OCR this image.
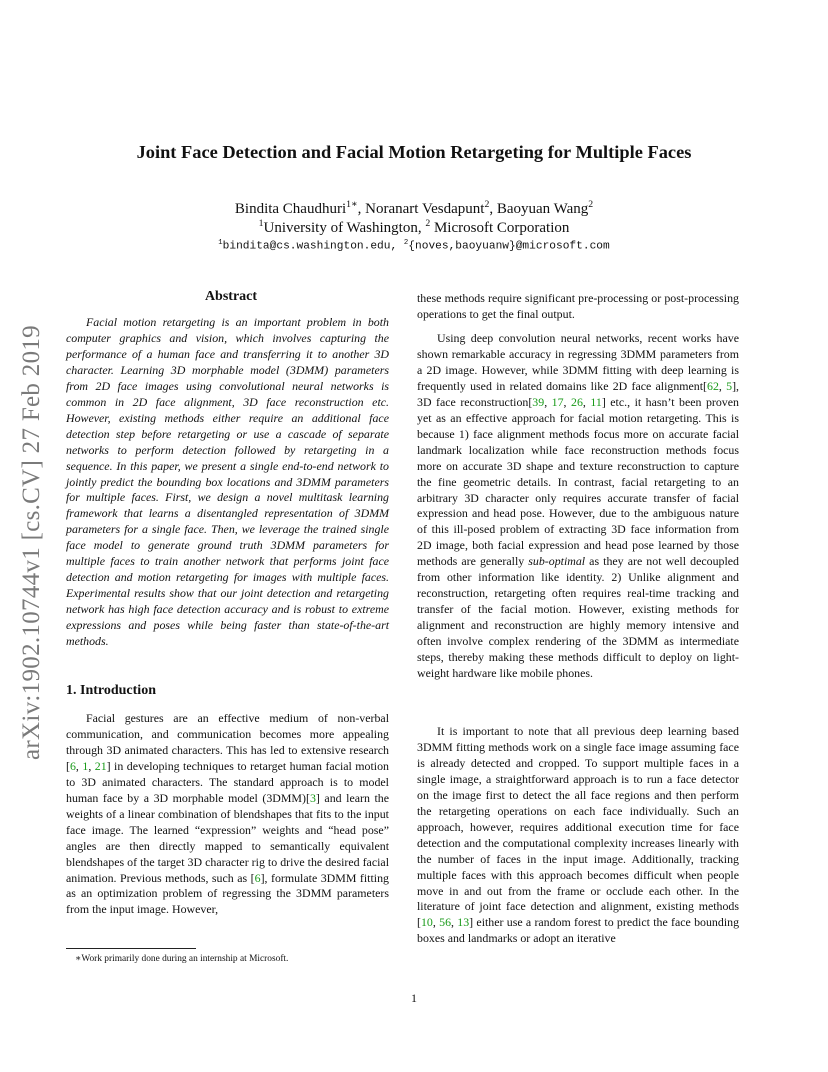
arXiv:1902.10744v1 [cs.CV] 27 Feb 2019
Joint Face Detection and Facial Motion Retargeting for Multiple Faces
Bindita Chaudhuri$^{1∗}$, Noranart Vesdapunt$^2$, Baoyuan Wang$^2$
$^1$University of Washington, $^2$ Microsoft Corporation
$^1$bindita@cs.washington.edu, $^2${noves,baoyuanw}@microsoft.com
Abstract

Facial motion retargeting is an important problem in both computer graphics and vision, which involves capturing the performance of a human face and transferring it to another 3D character. Learning 3D morphable model (3DMM) parameters from 2D face images using convolutional neural networks is common in 2D face alignment, 3D face reconstruction etc. However, existing methods either require an additional face detection step before retargeting or use a cascade of separate networks to perform detection followed by retargeting in a sequence. In this paper, we present a single end-to-end network to jointly predict the bounding box locations and 3DMM parameters for multiple faces. First, we design a novel multitask learning framework that learns a disentangled representation of 3DMM parameters for a single face. Then, we leverage the trained single face model to generate ground truth 3DMM parameters for multiple faces to train another network that performs joint face detection and motion retargeting for images with multiple faces. Experimental results show that our joint detection and retargeting network has high face detection accuracy and is robust to extreme expressions and poses while being faster than state-of-the-art methods.

1. Introduction

Facial gestures are an effective medium of non-verbal communication, and communication becomes more appealing through 3D animated characters. This has led to extensive research [6, 1, 21] in developing techniques to retarget human facial motion to 3D animated characters. The standard approach is to model human face by a 3D morphable model (3DMM)[3] and learn the weights of a linear combination of blendshapes that fits to the input face image. The learned “expression” weights and “head pose” angles are then directly mapped to semantically equivalent blendshapes of the target 3D character rig to drive the desired facial animation. Previous methods, such as [6], formulate 3DMM fitting as an optimization problem of regressing the 3DMM parameters from the input image. However,

∗Work primarily done during an internship at Microsoft.

these methods require significant pre-processing or post-processing operations to get the final output.

Using deep convolution neural networks, recent works have shown remarkable accuracy in regressing 3DMM parameters from a 2D image. However, while 3DMM fitting with deep learning is frequently used in related domains like 2D face alignment[62, 5], 3D face reconstruction[39, 17, 26, 11] etc., it hasn’t been proven yet as an effective approach for facial motion retargeting. This is because 1) face alignment methods focus more on accurate facial landmark localization while face reconstruction methods focus more on accurate 3D shape and texture reconstruction to capture the fine geometric details. In contrast, facial retargeting to an arbitrary 3D character only requires accurate transfer of facial expression and head pose. However, due to the ambiguous nature of this ill-posed problem of extracting 3D face information from 2D image, both facial expression and head pose learned by those methods are generally sub-optimal as they are not well decoupled from other information like identity. 2) Unlike alignment and reconstruction, retargeting often requires real-time tracking and transfer of the facial motion. However, existing methods for alignment and reconstruction are highly memory intensive and often involve complex rendering of the 3DMM as intermediate steps, thereby making these methods difficult to deploy on light-weight hardware like mobile phones.

It is important to note that all previous deep learning based 3DMM fitting methods work on a single face image assuming face is already detected and cropped. To support multiple faces in a single image, a straightforward approach is to run a face detector on the image first to detect the all face regions and then perform the retargeting operations on each face individually. Such an approach, however, requires additional execution time for face detection and the computational complexity increases linearly with the number of faces in the input image. Additionally, tracking multiple faces with this approach becomes difficult when people move in and out from the frame or occlude each other. In the literature of joint face detection and alignment, existing methods [10, 56, 13] either use a random forest to predict the face bounding boxes and landmarks or adopt an iterative

1
